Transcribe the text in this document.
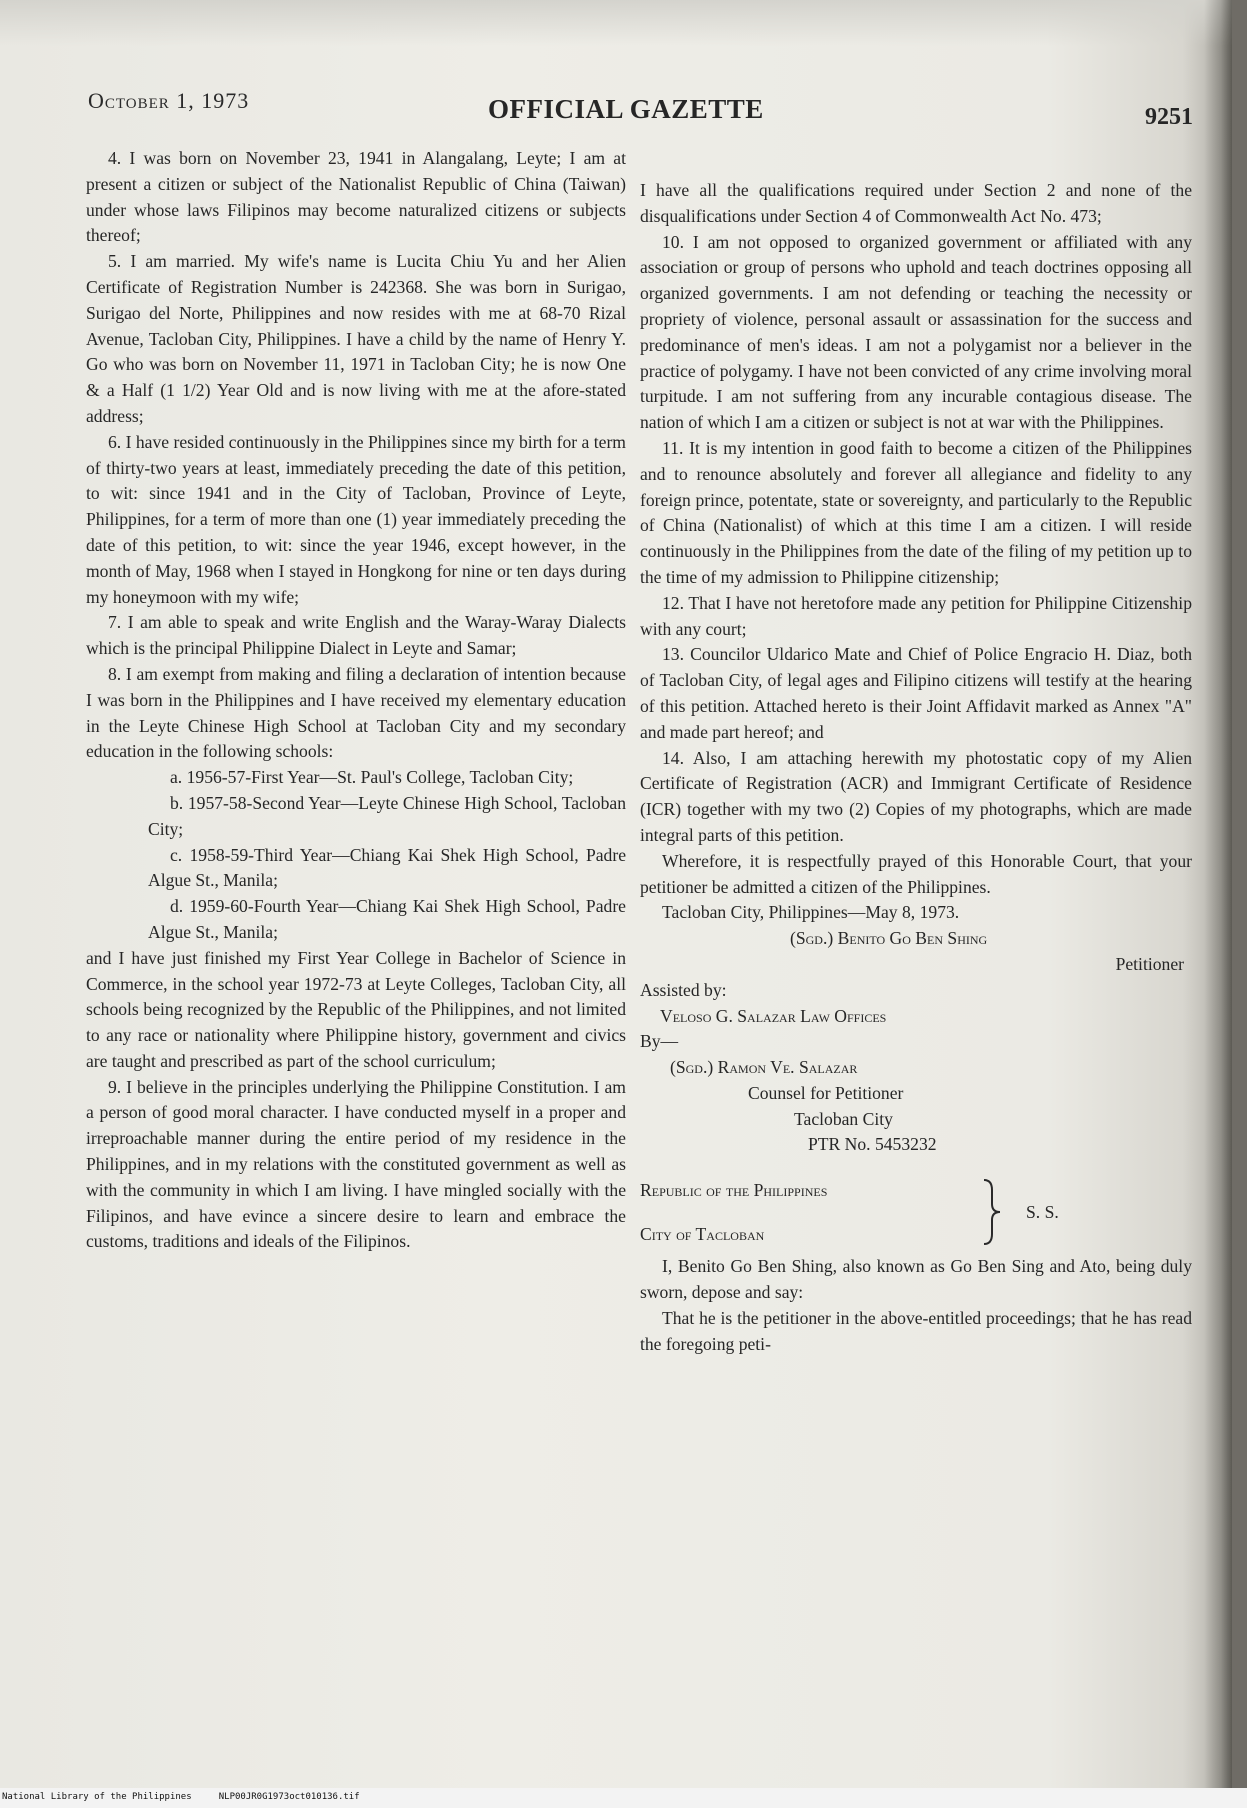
October 1, 1973	OFFICIAL GAZETTE	9251

4. I was born on November 23, 1941 in Alangalang, Leyte; I am at present a citizen or subject of the Nationalist Republic of China (Taiwan) under whose laws Filipinos may become naturalized citizens or subjects thereof;

5. I am married. My wife's name is Lucita Chiu Yu and her Alien Certificate of Registration Number is 242368. She was born in Surigao, Surigao del Norte, Philippines and now resides with me at 68-70 Rizal Avenue, Tacloban City, Philippines. I have a child by the name of Henry Y. Go who was born on November 11, 1971 in Tacloban City; he is now One & a Half (1 1/2) Year Old and is now living with me at the afore-stated address;

6. I have resided continuously in the Philippines since my birth for a term of thirty-two years at least, immediately preceding the date of this petition, to wit: since 1941 and in the City of Tacloban, Province of Leyte, Philippines, for a term of more than one (1) year immediately preceding the date of this petition, to wit: since the year 1946, except however, in the month of May, 1968 when I stayed in Hongkong for nine or ten days during my honeymoon with my wife;

7. I am able to speak and write English and the Waray-Waray Dialects which is the principal Philippine Dialect in Leyte and Samar;

8. I am exempt from making and filing a declaration of intention because I was born in the Philippines and I have received my elementary education in the Leyte Chinese High School at Tacloban City and my secondary education in the following schools:

a. 1956-57-First Year—St. Paul's College, Tacloban City;

b. 1957-58-Second Year—Leyte Chinese High School, Tacloban City;

c. 1958-59-Third Year—Chiang Kai Shek High School, Padre Algue St., Manila;

d. 1959-60-Fourth Year—Chiang Kai Shek High School, Padre Algue St., Manila;

and I have just finished my First Year College in Bachelor of Science in Commerce, in the school year 1972-73 at Leyte Colleges, Tacloban City, all schools being recognized by the Republic of the Philippines, and not limited to any race or nationality where Philippine history, government and civics are taught and prescribed as part of the school curriculum;

9. I believe in the principles underlying the Philippine Constitution. I am a person of good moral character. I have conducted myself in a proper and irreproachable manner during the entire period of my residence in the Philippines, and in my relations with the constituted government as well as with the community in which I am living. I have mingled socially with the Filipinos, and have evince a sincere desire to learn and embrace the customs, traditions and ideals of the Filipinos.

I have all the qualifications required under Section 2 and none of the disqualifications under Section 4 of Commonwealth Act No. 473;

10. I am not opposed to organized government or affiliated with any association or group of persons who uphold and teach doctrines opposing all organized governments. I am not defending or teaching the necessity or propriety of violence, personal assault or assassination for the success and predominance of men's ideas. I am not a polygamist nor a believer in the practice of polygamy. I have not been convicted of any crime involving moral turpitude. I am not suffering from any incurable contagious disease. The nation of which I am a citizen or subject is not at war with the Philippines.

11. It is my intention in good faith to become a citizen of the Philippines and to renounce absolutely and forever all allegiance and fidelity to any foreign prince, potentate, state or sovereignty, and particularly to the Republic of China (Nationalist) of which at this time I am a citizen. I will reside continuously in the Philippines from the date of the filing of my petition up to the time of my admission to Philippine citizenship;

12. That I have not heretofore made any petition for Philippine Citizenship with any court;

13. Councilor Uldarico Mate and Chief of Police Engracio H. Diaz, both of Tacloban City, of legal ages and Filipino citizens will testify at the hearing of this petition. Attached hereto is their Joint Affidavit marked as Annex "A" and made part hereof; and

14. Also, I am attaching herewith my photostatic copy of my Alien Certificate of Registration (ACR) and Immigrant Certificate of Residence (ICR) together with my two (2) Copies of my photographs, which are made integral parts of this petition.

Wherefore, it is respectfully prayed of this Honorable Court, that your petitioner be admitted a citizen of the Philippines.

Tacloban City, Philippines—May 8, 1973.

(Sgd.) Benito Go Ben Shing

Petitioner

Assisted by:

Veloso G. Salazar Law Offices

By—

(Sgd.) Ramon Ve. Salazar

Counsel for Petitioner

Tacloban City

PTR No. 5453232

Republic of the Philippines
City of Tacloban
S. S.

I, Benito Go Ben Shing, also known as Go Ben Sing and Ato, being duly sworn, depose and say:

That he is the petitioner in the above-entitled proceedings; that he has read the foregoing peti-

National Library of the Philippines	NLP00JR0G1973oct010136.tif
